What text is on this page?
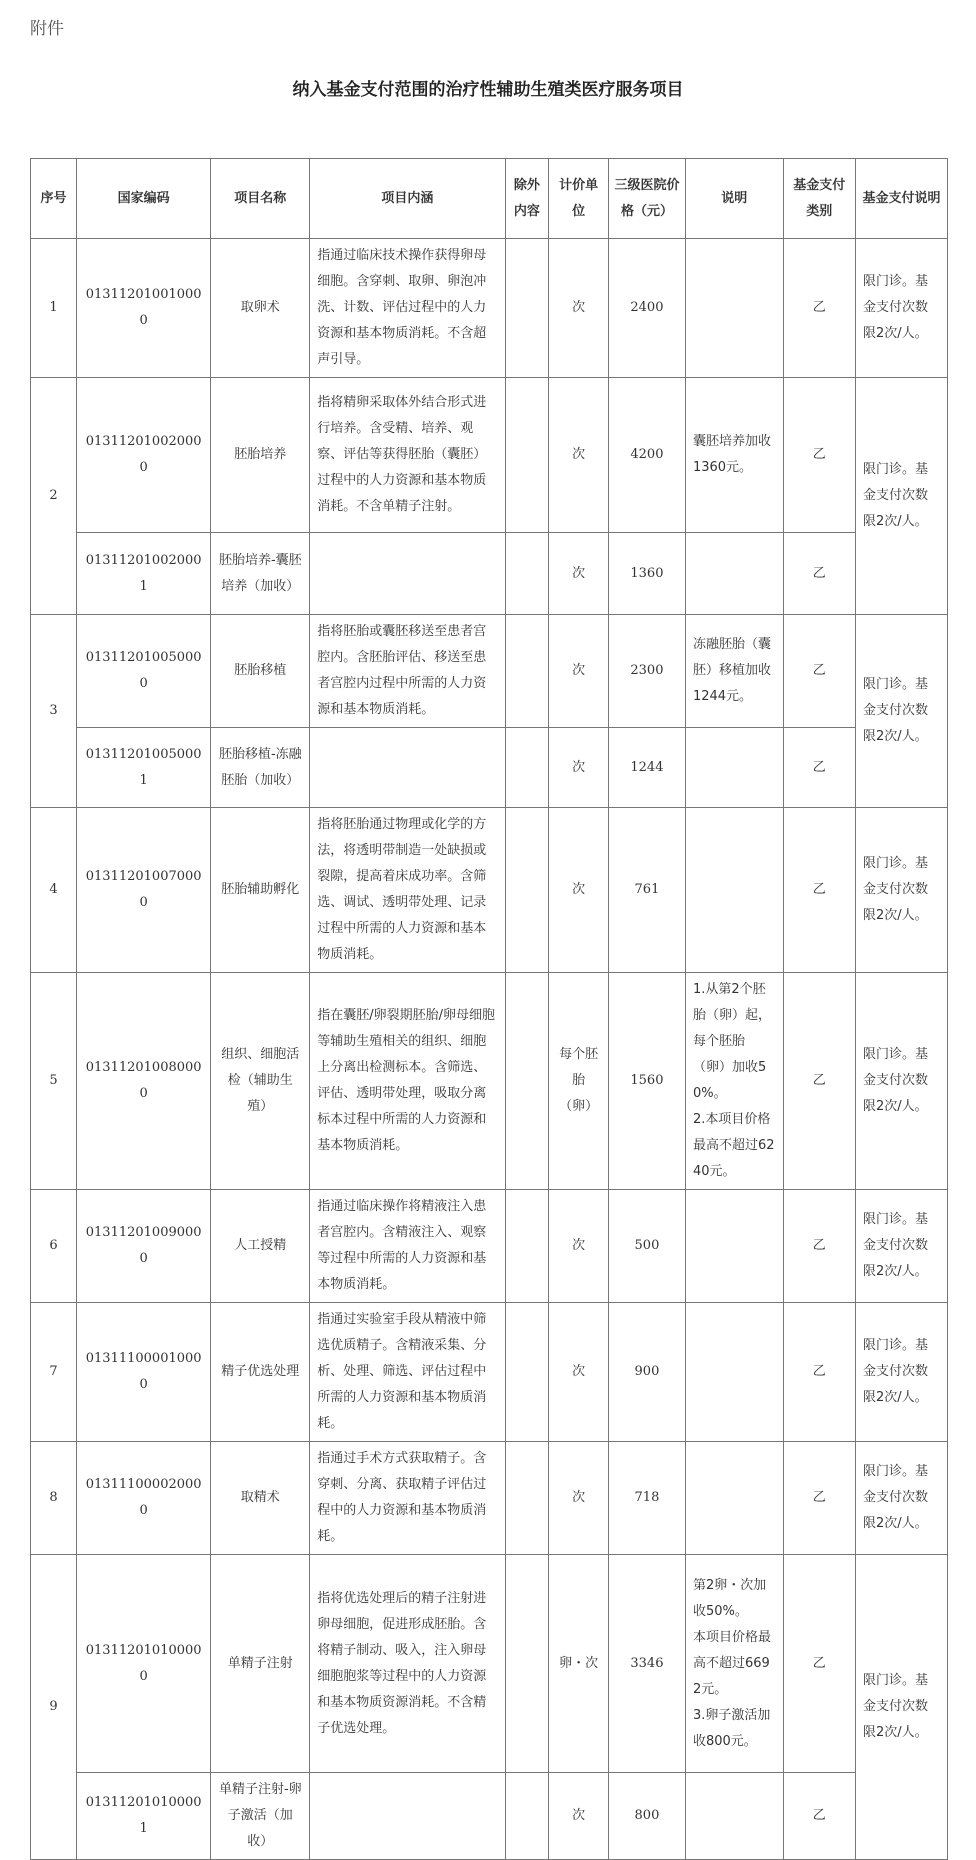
附件
纳入基金支付范围的治疗性辅助生殖类医疗服务项目
序号	国家编码	项目名称	项目内涵	除外内容	计价单位	三级医院价格（元）	说明	基金支付类别	基金支付说明
1	013112010010000	取卵术	指通过临床技术操作获得卵母细胞。含穿刺、取卵、卵泡冲洗、计数、评估过程中的人力资源和基本物质消耗。不含超声引导。		次	2400		乙	限门诊。基金支付次数限2次/人。
2	013112010020000	胚胎培养	指将精卵采取体外结合形式进行培养。含受精、培养、观察、评估等获得胚胎（囊胚）过程中的人力资源和基本物质消耗。不含单精子注射。		次	4200	囊胚培养加收1360元。	乙	限门诊。基金支付次数限2次/人。
	013112010020001	胚胎培养-囊胚培养（加收）			次	1360		乙	
3	013112010050000	胚胎移植	指将胚胎或囊胚移送至患者宫腔内。含胚胎评估、移送至患者宫腔内过程中所需的人力资源和基本物质消耗。		次	2300	冻融胚胎（囊胚）移植加收1244元。	乙	限门诊。基金支付次数限2次/人。
	013112010050001	胚胎移植-冻融胚胎（加收）			次	1244		乙	
4	013112010070000	胚胎辅助孵化	指将胚胎通过物理或化学的方法，将透明带制造一处缺损或裂隙，提高着床成功率。含筛选、调试、透明带处理、记录过程中所需的人力资源和基本物质消耗。		次	761		乙	限门诊。基金支付次数限2次/人。
5	013112010080000	组织、细胞活检（辅助生殖）	指在囊胚/卵裂期胚胎/卵母细胞等辅助生殖相关的组织、细胞上分离出检测标本。含筛选、评估、透明带处理，吸取分离标本过程中所需的人力资源和基本物质消耗。		每个胚胎（卵）	1560	1.从第2个胚胎（卵）起，每个胚胎（卵）加收50%。
2.本项目价格最高不超过6240元。	乙	限门诊。基金支付次数限2次/人。
6	013112010090000	人工授精	指通过临床操作将精液注入患者宫腔内。含精液注入、观察等过程中所需的人力资源和基本物质消耗。		次	500		乙	限门诊。基金支付次数限2次/人。
7	013111000010000	精子优选处理	指通过实验室手段从精液中筛选优质精子。含精液采集、分析、处理、筛选、评估过程中所需的人力资源和基本物质消耗。		次	900		乙	限门诊。基金支付次数限2次/人。
8	013111000020000	取精术	指通过手术方式获取精子。含穿刺、分离、获取精子评估过程中的人力资源和基本物质消耗。		次	718		乙	限门诊。基金支付次数限2次/人。
9	013112010100000	单精子注射	指将优选处理后的精子注射进卵母细胞，促进形成胚胎。含将精子制动、吸入，注入卵母细胞胞浆等过程中的人力资源和基本物质资源消耗。不含精子优选处理。		卵・次	3346	第2卵・次加收50%。
本项目价格最高不超过6692元。
3.卵子激活加收800元。	乙	限门诊。基金支付次数限2次/人。
	013112010100001	单精子注射-卵子激活（加收）			次	800		乙	
